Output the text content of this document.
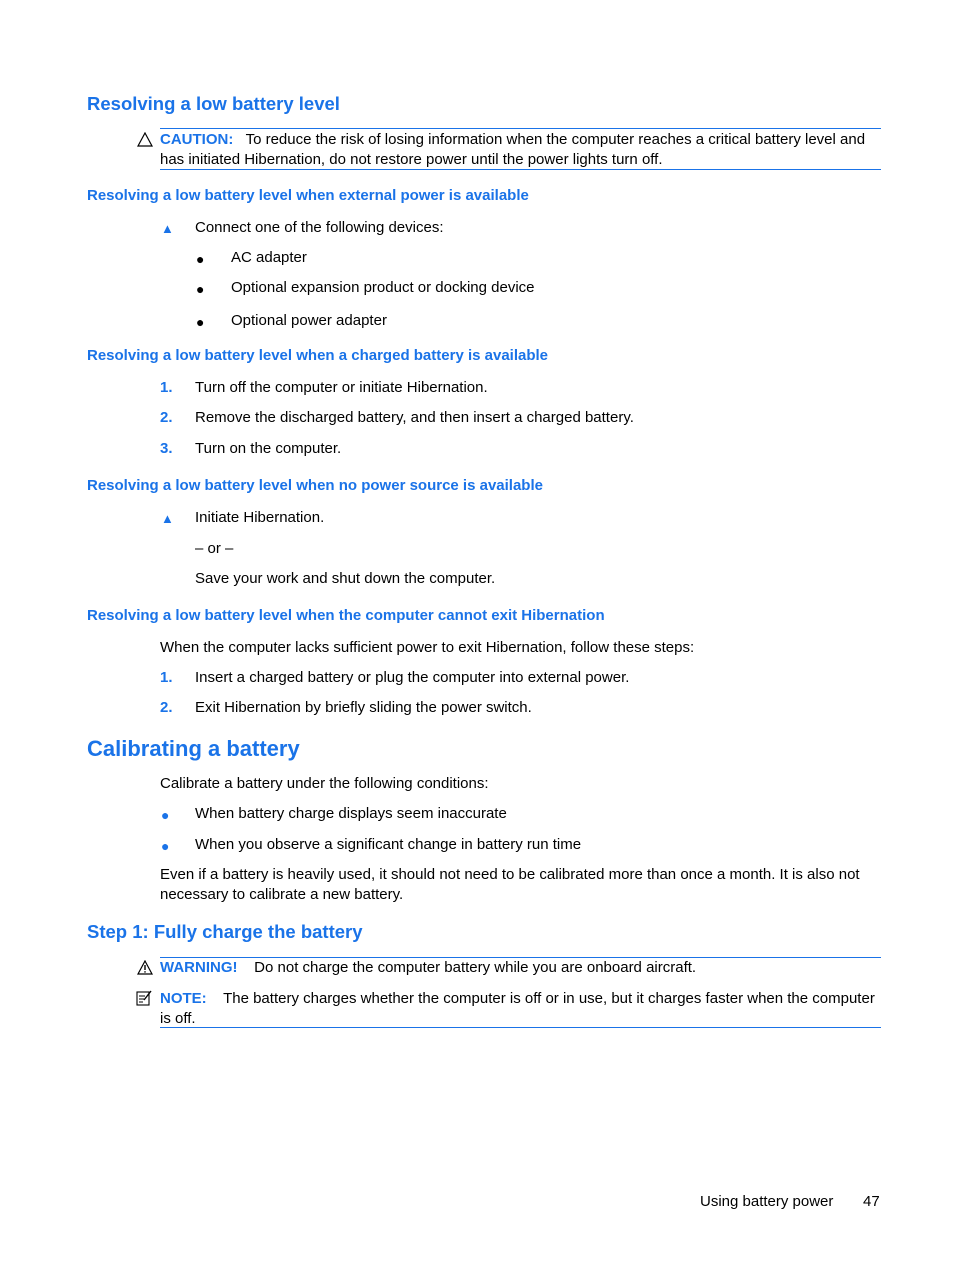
Resolving a low battery level
CAUTION: To reduce the risk of losing information when the computer reaches a critical battery level and has initiated Hibernation, do not restore power until the power lights turn off.
Resolving a low battery level when external power is available
▲ Connect one of the following devices:
● AC adapter
● Optional expansion product or docking device
● Optional power adapter
Resolving a low battery level when a charged battery is available
1. Turn off the computer or initiate Hibernation.
2. Remove the discharged battery, and then insert a charged battery.
3. Turn on the computer.
Resolving a low battery level when no power source is available
▲ Initiate Hibernation.
– or –
Save your work and shut down the computer.
Resolving a low battery level when the computer cannot exit Hibernation
When the computer lacks sufficient power to exit Hibernation, follow these steps:
1. Insert a charged battery or plug the computer into external power.
2. Exit Hibernation by briefly sliding the power switch.
Calibrating a battery
Calibrate a battery under the following conditions:
● When battery charge displays seem inaccurate
● When you observe a significant change in battery run time
Even if a battery is heavily used, it should not need to be calibrated more than once a month. It is also not necessary to calibrate a new battery.
Step 1: Fully charge the battery
WARNING! Do not charge the computer battery while you are onboard aircraft.
NOTE: The battery charges whether the computer is off or in use, but it charges faster when the computer is off.
Using battery power 47
